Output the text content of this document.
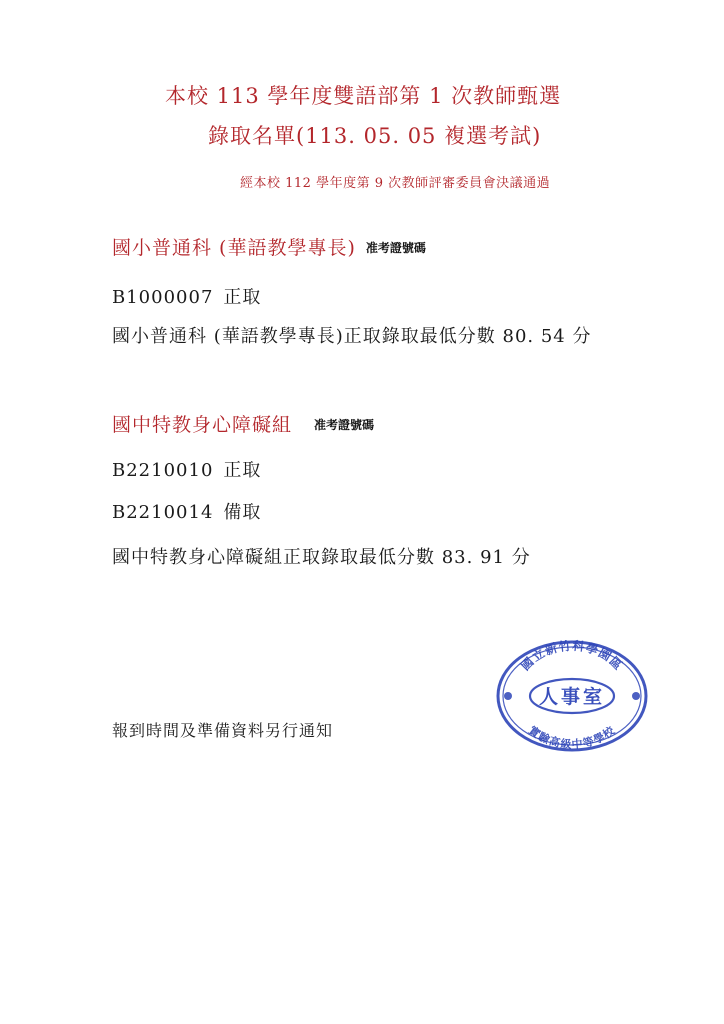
本校 113 學年度雙語部第 1 次教師甄選
錄取名單(113. 05. 05 複選考試)
經本校 112 學年度第 9 次教師評審委員會決議通過
國小普通科 (華語教學專長) 准考證號碼
B1000007 正取
國小普通科 (華語教學專長)正取錄取最低分數 80. 54 分
國中特教身心障礙組 准考證號碼
B2210010 正取
B2210014 備取
國中特教身心障礙組正取錄取最低分數 83. 91 分
報到時間及準備資料另行通知
國立新竹科學園區
人事室
實驗高級中等學校
